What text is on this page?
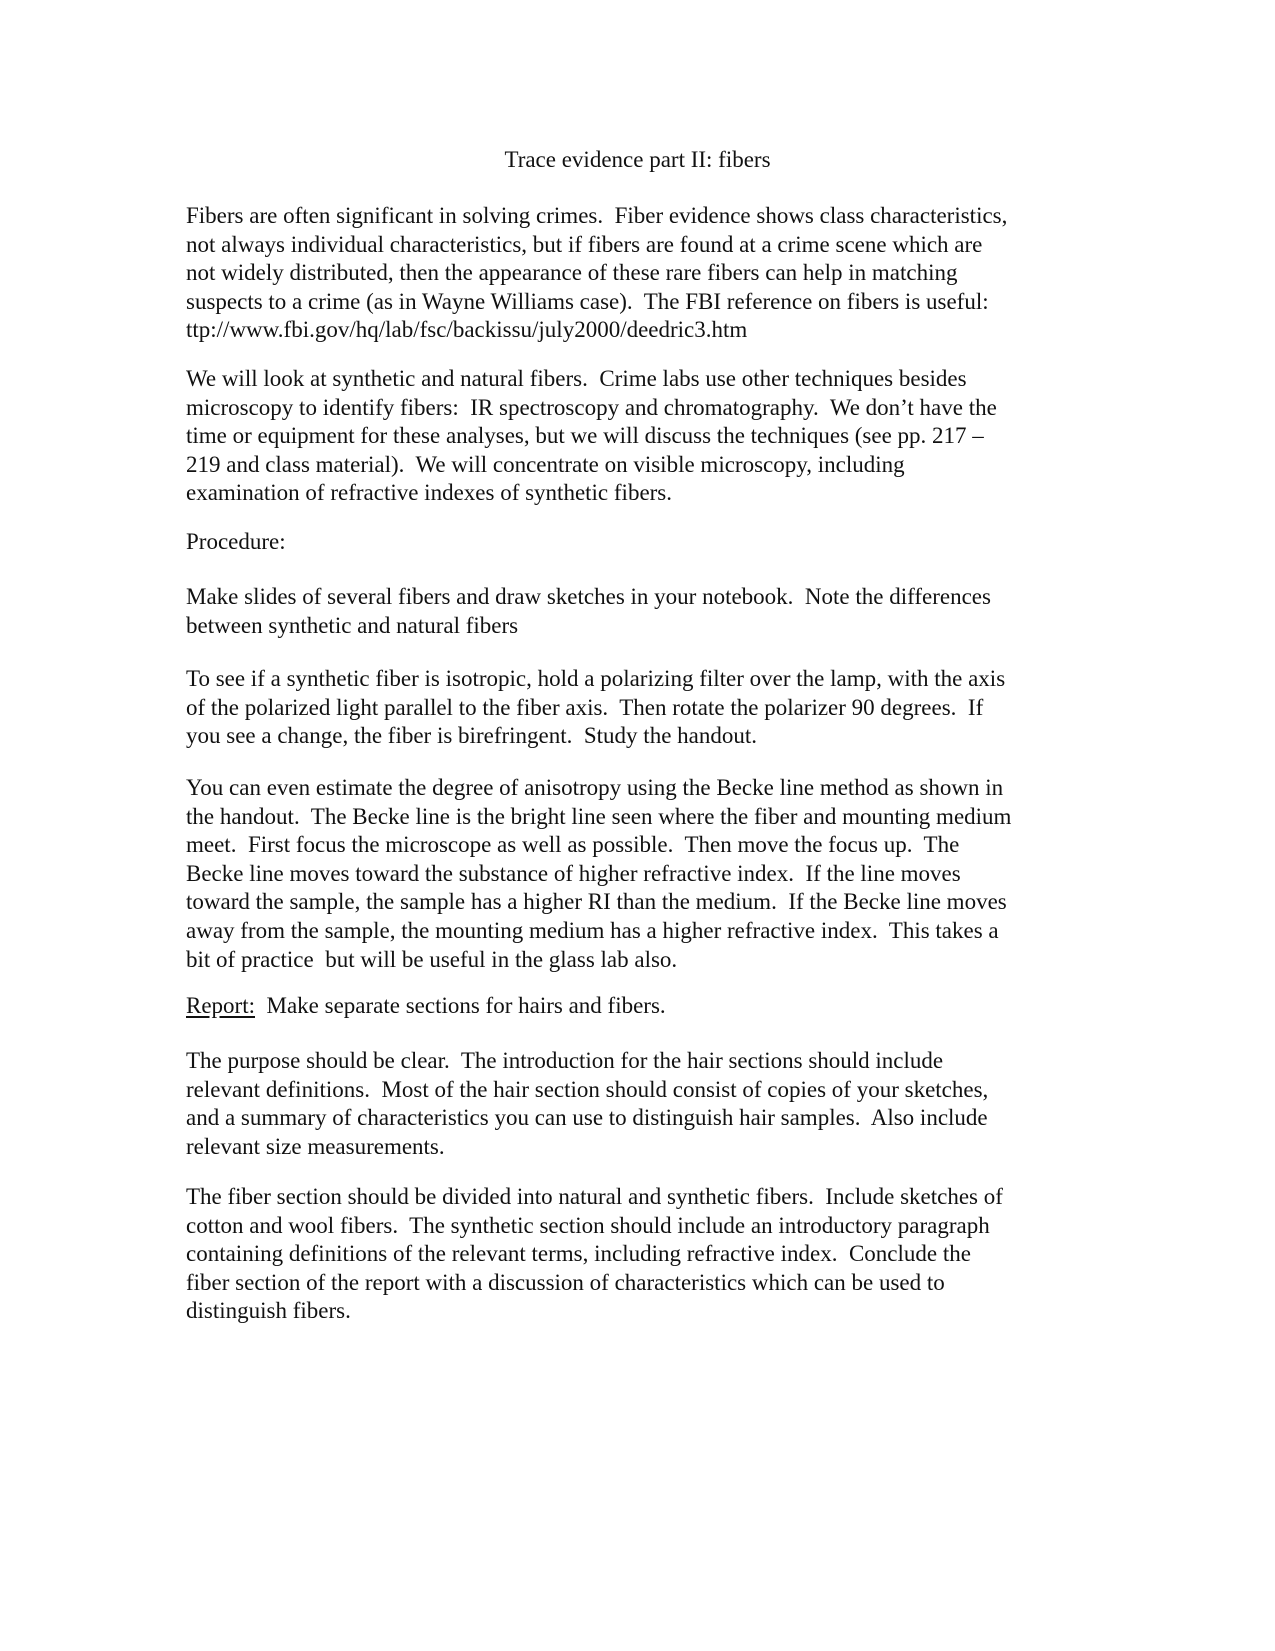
Trace evidence part II: fibers
Fibers are often significant in solving crimes.  Fiber evidence shows class characteristics,
not always individual characteristics, but if fibers are found at a crime scene which are
not widely distributed, then the appearance of these rare fibers can help in matching
suspects to a crime (as in Wayne Williams case).  The FBI reference on fibers is useful:
ttp://www.fbi.gov/hq/lab/fsc/backissu/july2000/deedric3.htm
We will look at synthetic and natural fibers.  Crime labs use other techniques besides
microscopy to identify fibers:  IR spectroscopy and chromatography.  We don’t have the
time or equipment for these analyses, but we will discuss the techniques (see pp. 217 –
219 and class material).  We will concentrate on visible microscopy, including
examination of refractive indexes of synthetic fibers.
Procedure:
Make slides of several fibers and draw sketches in your notebook.  Note the differences
between synthetic and natural fibers
To see if a synthetic fiber is isotropic, hold a polarizing filter over the lamp, with the axis
of the polarized light parallel to the fiber axis.  Then rotate the polarizer 90 degrees.  If
you see a change, the fiber is birefringent.  Study the handout.
You can even estimate the degree of anisotropy using the Becke line method as shown in
the handout.  The Becke line is the bright line seen where the fiber and mounting medium
meet.  First focus the microscope as well as possible.  Then move the focus up.  The
Becke line moves toward the substance of higher refractive index.  If the line moves
toward the sample, the sample has a higher RI than the medium.  If the Becke line moves
away from the sample, the mounting medium has a higher refractive index.  This takes a
bit of practice  but will be useful in the glass lab also.
Report:  Make separate sections for hairs and fibers.
The purpose should be clear.  The introduction for the hair sections should include
relevant definitions.  Most of the hair section should consist of copies of your sketches,
and a summary of characteristics you can use to distinguish hair samples.  Also include
relevant size measurements.
The fiber section should be divided into natural and synthetic fibers.  Include sketches of
cotton and wool fibers.  The synthetic section should include an introductory paragraph
containing definitions of the relevant terms, including refractive index.  Conclude the
fiber section of the report with a discussion of characteristics which can be used to
distinguish fibers.
